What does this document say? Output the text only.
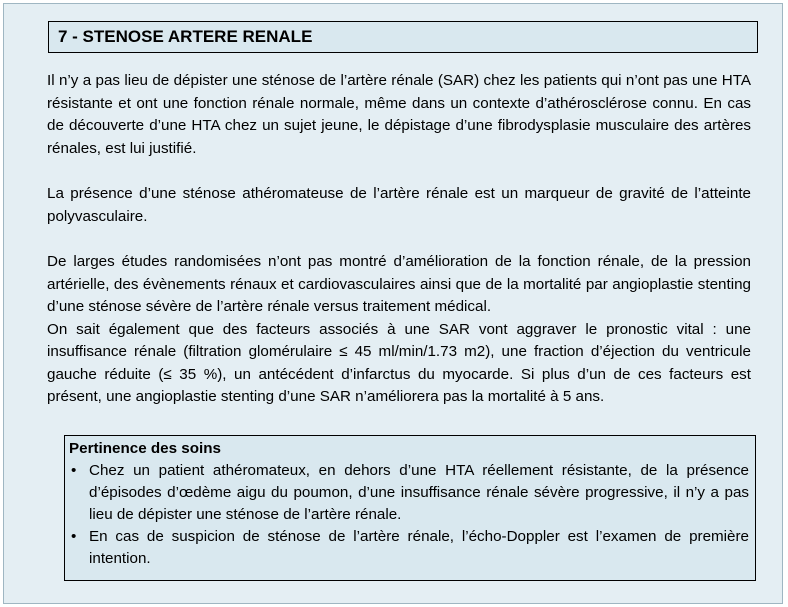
7 - STENOSE ARTERE RENALE

Il n’y a pas lieu de dépister une sténose de l’artère rénale (SAR) chez les patients qui n’ont pas une HTA résistante et ont une fonction rénale normale, même dans un contexte d’athérosclérose connu. En cas de découverte d’une HTA chez un sujet jeune, le dépistage d’une fibrodysplasie musculaire des artères rénales, est lui justifié.

La présence d’une sténose athéromateuse de l’artère rénale est un marqueur de gravité de l’atteinte polyvasculaire.

De larges études randomisées n’ont pas montré d’amélioration de la fonction rénale, de la pression artérielle, des évènements rénaux et cardiovasculaires ainsi que de la mortalité par angioplastie stenting d’une sténose sévère de l’artère rénale versus traitement médical.

On sait également que des facteurs associés à une SAR vont aggraver le pronostic vital : une insuffisance rénale (filtration glomérulaire ≤ 45 ml/min/1.73 m2), une fraction d’éjection du ventricule gauche réduite (≤ 35 %), un antécédent d’infarctus du myocarde. Si plus d’un de ces facteurs est présent, une angioplastie stenting d’une SAR n’améliorera pas la mortalité à 5 ans.

Pertinence des soins
• Chez un patient athéromateux, en dehors d’une HTA réellement résistante, de la présence d’épisodes d’œdème aigu du poumon, d’une insuffisance rénale sévère progressive, il n’y a pas lieu de dépister une sténose de l’artère rénale.
• En cas de suspicion de sténose de l’artère rénale, l’écho-Doppler est l’examen de première intention.
